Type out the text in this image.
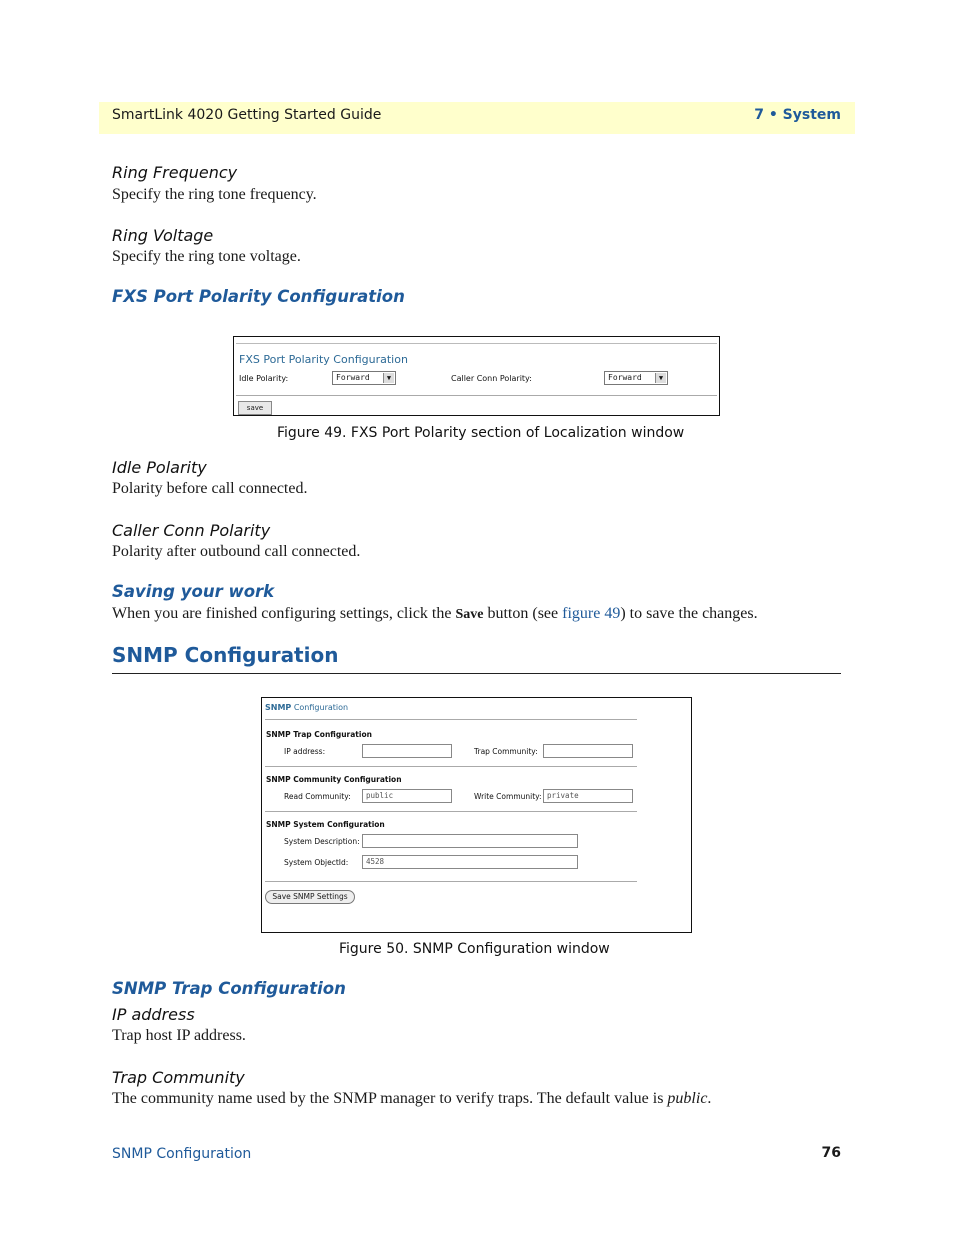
SmartLink 4020 Getting Started Guide	7 • System
Ring Frequency
Specify the ring tone frequency.
Ring Voltage
Specify the ring tone voltage.
FXS Port Polarity Configuration
FXS Port Polarity Configuration
Idle Polarity:	Forward	▼	Caller Conn Polarity:	Forward	▼
save
Figure 49. FXS Port Polarity section of Localization window
Idle Polarity
Polarity before call connected.
Caller Conn Polarity
Polarity after outbound call connected.
Saving your work
When you are finished configuring settings, click the Save button (see figure 49) to save the changes.
SNMP Configuration
SNMP Configuration
SNMP Trap Configuration
IP address:	Trap Community:
SNMP Community Configuration
Read Community:	public	Write Community: private
SNMP System Configuration
System Description:
System ObjectId:	4528
Save SNMP Settings
Figure 50. SNMP Configuration window
SNMP Trap Configuration
IP address
Trap host IP address.
Trap Community
The community name used by the SNMP manager to verify traps. The default value is public.
SNMP Configuration	76
